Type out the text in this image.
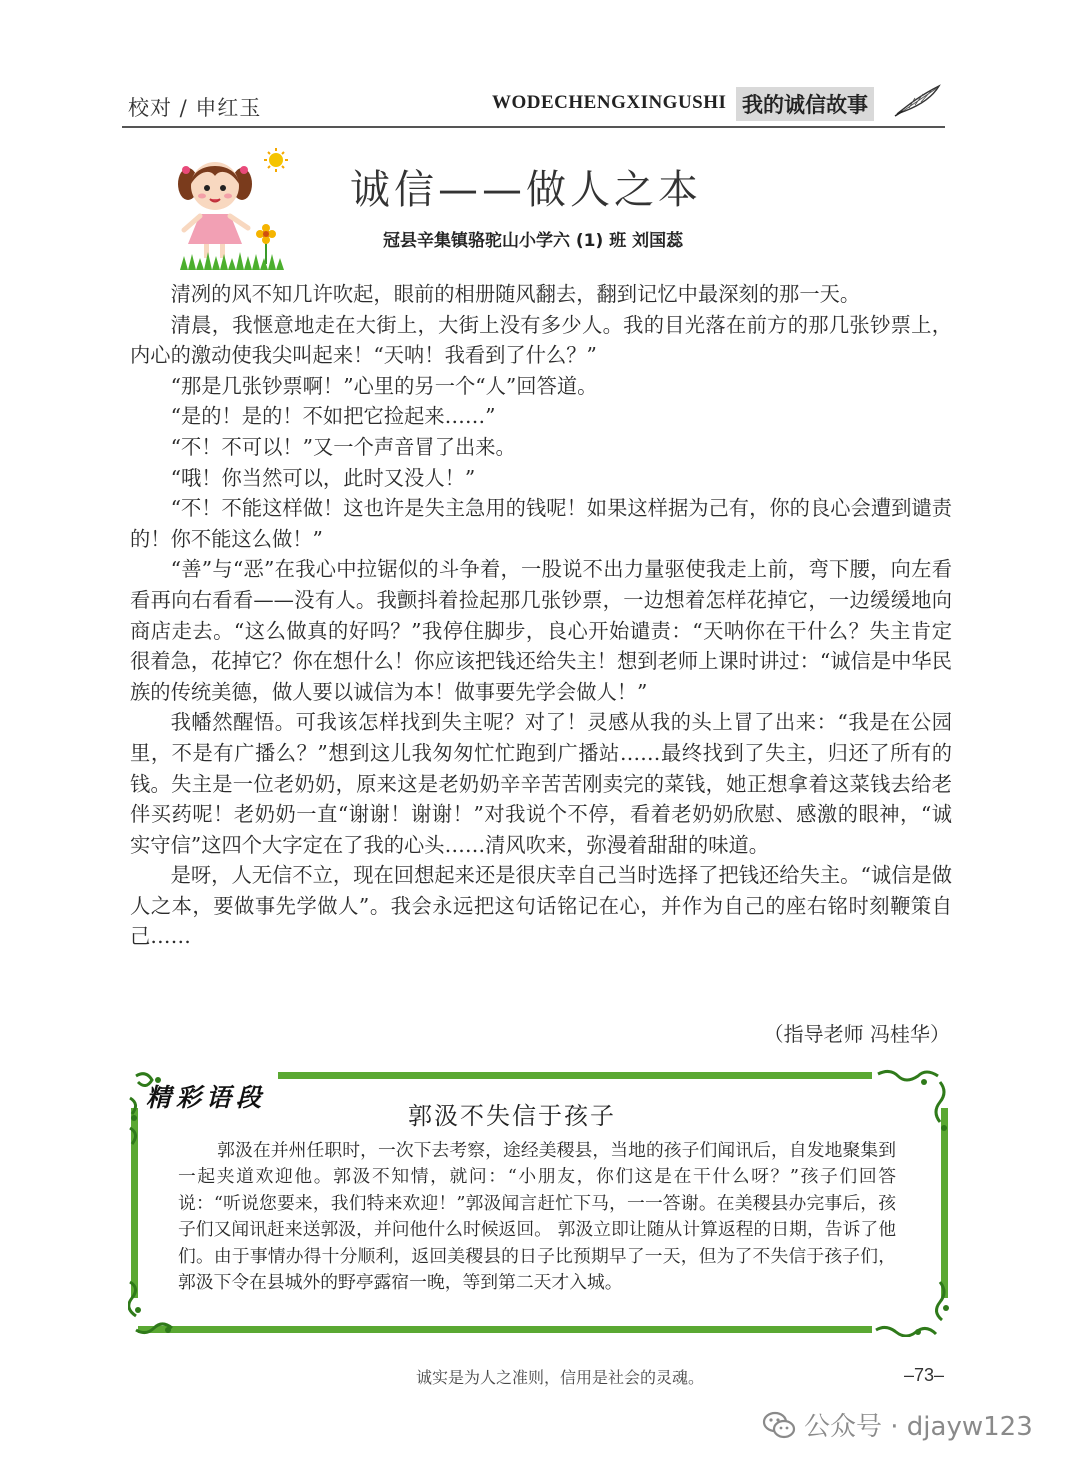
校对 / 申红玉	WODECHENGXINGUSHI 我的诚信故事
诚信——做人之本
冠县辛集镇骆驼山小学六 (1) 班 刘国蕊

清冽的风不知几许吹起，眼前的相册随风翻去，翻到记忆中最深刻的那一天。

清晨，我惬意地走在大街上，大街上没有多少人。我的目光落在前方的那几张钞票上，内心的激动使我尖叫起来！“天呐！我看到了什么？”

“那是几张钞票啊！”心里的另一个“人”回答道。

“是的！是的！不如把它捡起来……”

“不！不可以！”又一个声音冒了出来。

“哦！你当然可以，此时又没人！”

“不！不能这样做！这也许是失主急用的钱呢！如果这样据为己有，你的良心会遭到谴责的！你不能这么做！”

“善”与“恶”在我心中拉锯似的斗争着，一股说不出力量驱使我走上前，弯下腰，向左看看再向右看看——没有人。我颤抖着捡起那几张钞票，一边想着怎样花掉它，一边缓缓地向商店走去。“这么做真的好吗？”我停住脚步，良心开始谴责：“天呐你在干什么？失主肯定很着急，花掉它？你在想什么！你应该把钱还给失主！想到老师上课时讲过：“诚信是中华民族的传统美德，做人要以诚信为本！做事要先学会做人！”

我幡然醒悟。可我该怎样找到失主呢？对了！灵感从我的头上冒了出来：“我是在公园里，不是有广播么？”想到这儿我匆匆忙忙跑到广播站……最终找到了失主，归还了所有的钱。失主是一位老奶奶，原来这是老奶奶辛辛苦苦刚卖完的菜钱，她正想拿着这菜钱去给老伴买药呢！老奶奶一直“谢谢！谢谢！”对我说个不停，看着老奶奶欣慰、感激的眼神，“诚实守信”这四个大字定在了我的心头……清风吹来，弥漫着甜甜的味道。

是呀，人无信不立，现在回想起来还是很庆幸自己当时选择了把钱还给失主。“诚信是做人之本，要做事先学做人”。我会永远把这句话铭记在心，并作为自己的座右铭时刻鞭策自己……

（指导老师 冯桂华）
精彩语段
郭汲不失信于孩子

郭汲在并州任职时，一次下去考察，途经美稷县，当地的孩子们闻讯后，自发地聚集到一起夹道欢迎他。郭汲不知情，就问：“小朋友，你们这是在干什么呀？”孩子们回答说：“听说您要来，我们特来欢迎！”郭汲闻言赶忙下马，一一答谢。在美稷县办完事后，孩子们又闻讯赶来送郭汲，并问他什么时候返回。 郭汲立即让随从计算返程的日期，告诉了他们。由于事情办得十分顺利，返回美稷县的日子比预期早了一天，但为了不失信于孩子们，郭汲下令在县城外的野亭露宿一晚，等到第二天才入城。

诚实是为人之准则，信用是社会的灵魂。	–73–
公众号 · djayw123
